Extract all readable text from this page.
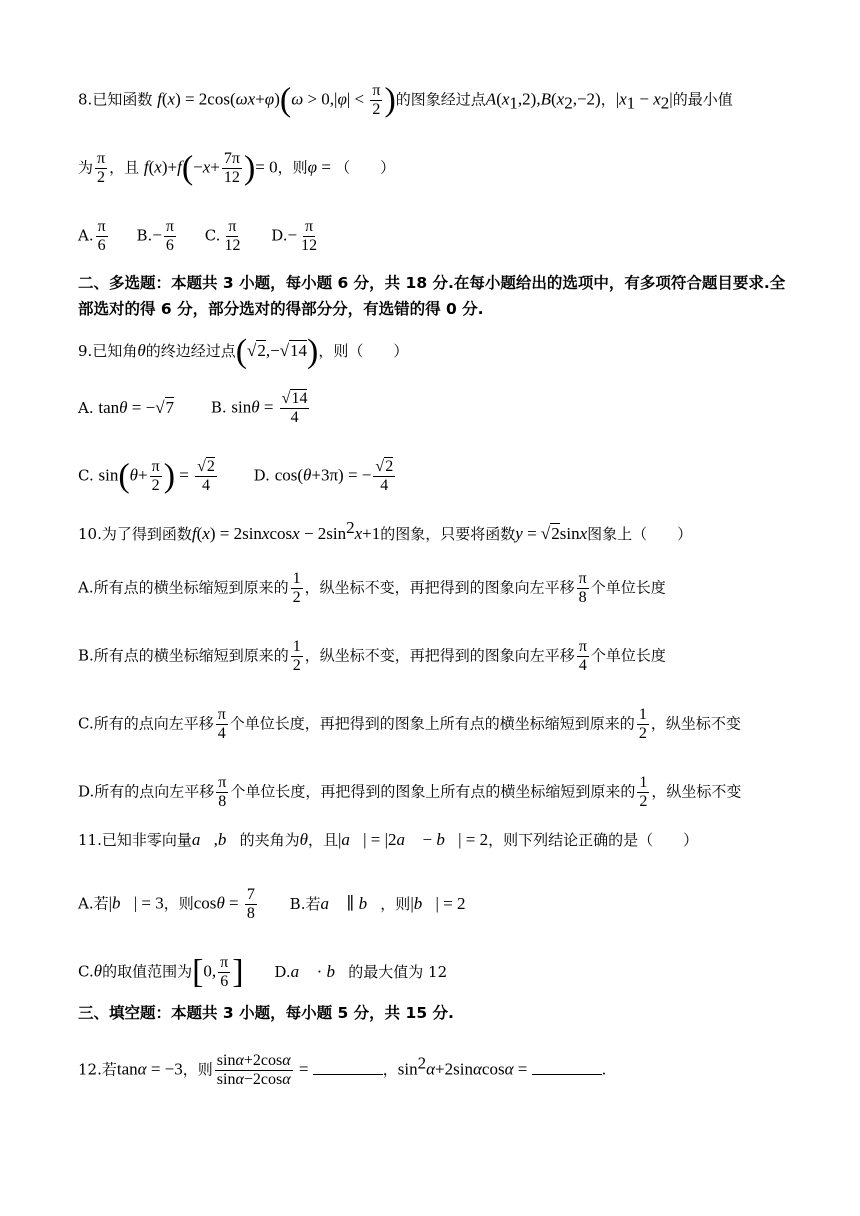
8.已知函数 $f(x) = 2\cos(\omega x+\varphi)(\omega > 0,|\varphi| < \frac{\pi}{2}$ )的图象经过点$A(x_1,2),B(x_2,-2)$，$|x_1 - x_2|$的最小值
为 $\frac{\pi}{2}$ ，且 $f(x)+f(-x+ \frac{7\pi}{12}$ )= 0，则φ = （　　）
A. $\frac{\pi}{6} B.- \frac{\pi}{6} C$. $\frac{\pi}{12} D.- \frac{\pi}{12}$
二、多选题：本题共 3 小题，每小题 6 分，共 18 分.在每小题给出的选项中，有多项符合题目要求.全部选对的得 6 分，部分选对的得部分分，有选错的得 0 分.
9.已知角θ的终边经过点(√2,−√14)，则（　　）
A. tanθ = −√7 B. $\sin\theta = \frac{√14}{4}$
C. $\sin(\theta+ \frac{\pi}{2}$ ) = $\frac{√2}{4} D$. cos(θ+3π) = − $\frac{√2}{4}$
10.为了得到函数f(x) = 2sinxcosx − $2\sin^2x+1$的图象，只要将函数y = √2sinx图象上（　　）
A.所有点的横坐标缩短到原来的 $\frac{1}{2}$ ，纵坐标不变，再把得到的图象向左平移 $\frac{\pi}{8}$ 个单位长度
B.所有点的横坐标缩短到原来的 $\frac{1}{2}$ ，纵坐标不变，再把得到的图象向左平移 $\frac{\pi}{4}$ 个单位长度
C.所有的点向左平移 $\frac{\pi}{4}$ 个单位长度，再把得到的图象上所有点的横坐标缩短到原来的 $\frac{1}{2}$ ，纵坐标不变
D.所有的点向左平移 $\frac{\pi}{8}$ 个单位长度，再把得到的图象上所有点的横坐标缩短到原来的 $\frac{1}{2}$ ，纵坐标不变
11.已知非零向量a⃗,b⃗的夹角为θ，且|a⃗| = |2a⃗ − b⃗| = 2，则下列结论正确的是（　　）
A.若|b⃗| = 3，则$\cos\theta = \frac{7}{8} B$.若a⃗ ∥ b⃗，则|b⃗| = 2
C.θ的取值范围为[0, $\frac{\pi}{6}$ ] D.a⃗ · b⃗的最大值为 12
三、填空题：本题共 3 小题，每小题 5 分，共 15 分.
12.若tanα = −3，则 $\frac{\sin\alpha+2\cos\alpha}{\sin\alpha-2\cos\alpha}$ =	，$\sin^2\alpha+2\sin\alpha\cos\alpha$ =	.
